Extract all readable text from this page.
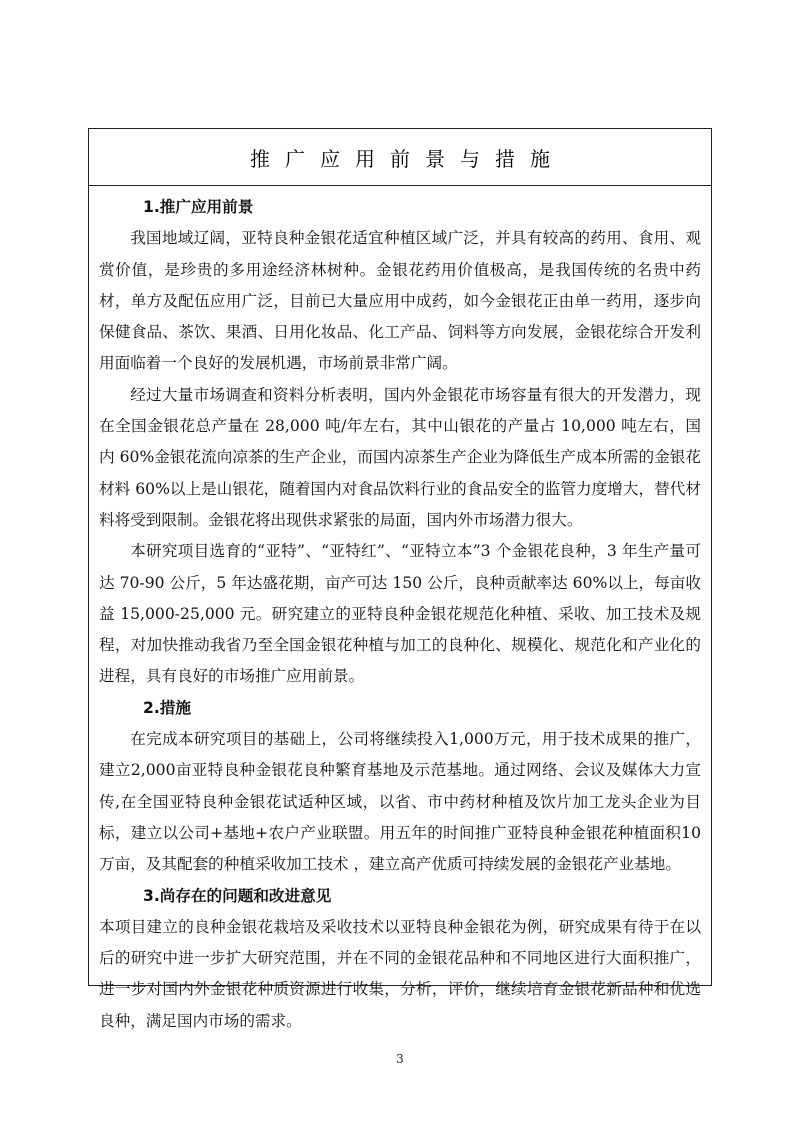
推广应用前景与措施

1.推广应用前景

我国地域辽阔，亚特良种金银花适宜种植区域广泛，并具有较高的药用、食用、观赏价值，是珍贵的多用途经济林树种。金银花药用价值极高，是我国传统的名贵中药材，单方及配伍应用广泛，目前已大量应用中成药，如今金银花正由单一药用，逐步向保健食品、茶饮、果酒、日用化妆品、化工产品、饲料等方向发展，金银花综合开发利用面临着一个良好的发展机遇，市场前景非常广阔。

经过大量市场调查和资料分析表明，国内外金银花市场容量有很大的开发潜力，现在全国金银花总产量在 28,000 吨/年左右，其中山银花的产量占 10,000 吨左右，国内 60%金银花流向凉茶的生产企业，而国内凉茶生产企业为降低生产成本所需的金银花材料 60%以上是山银花，随着国内对食品饮料行业的食品安全的监管力度增大，替代材料将受到限制。金银花将出现供求紧张的局面，国内外市场潜力很大。

本研究项目选育的“亚特”、“亚特红”、“亚特立本”3 个金银花良种，3 年生产量可达 70-90 公斤，5 年达盛花期，亩产可达 150 公斤，良种贡献率达 60%以上，每亩收益 15,000-25,000 元。研究建立的亚特良种金银花规范化种植、采收、加工技术及规程，对加快推动我省乃至全国金银花种植与加工的良种化、规模化、规范化和产业化的进程，具有良好的市场推广应用前景。

2.措施

在完成本研究项目的基础上，公司将继续投入1,000万元，用于技术成果的推广，建立2,000亩亚特良种金银花良种繁育基地及示范基地。通过网络、会议及媒体大力宣传,在全国亚特良种金银花试适种区域，以省、市中药材种植及饮片加工龙头企业为目标，建立以公司+基地+农户产业联盟。用五年的时间推广亚特良种金银花种植面积10万亩，及其配套的种植采收加工技术 ，建立高产优质可持续发展的金银花产业基地。

3.尚存在的问题和改进意见

本项目建立的良种金银花栽培及采收技术以亚特良种金银花为例，研究成果有待于在以后的研究中进一步扩大研究范围，并在不同的金银花品种和不同地区进行大面积推广，进一步对国内外金银花种质资源进行收集，分析，评价，继续培育金银花新品种和优选良种，满足国内市场的需求。

3
